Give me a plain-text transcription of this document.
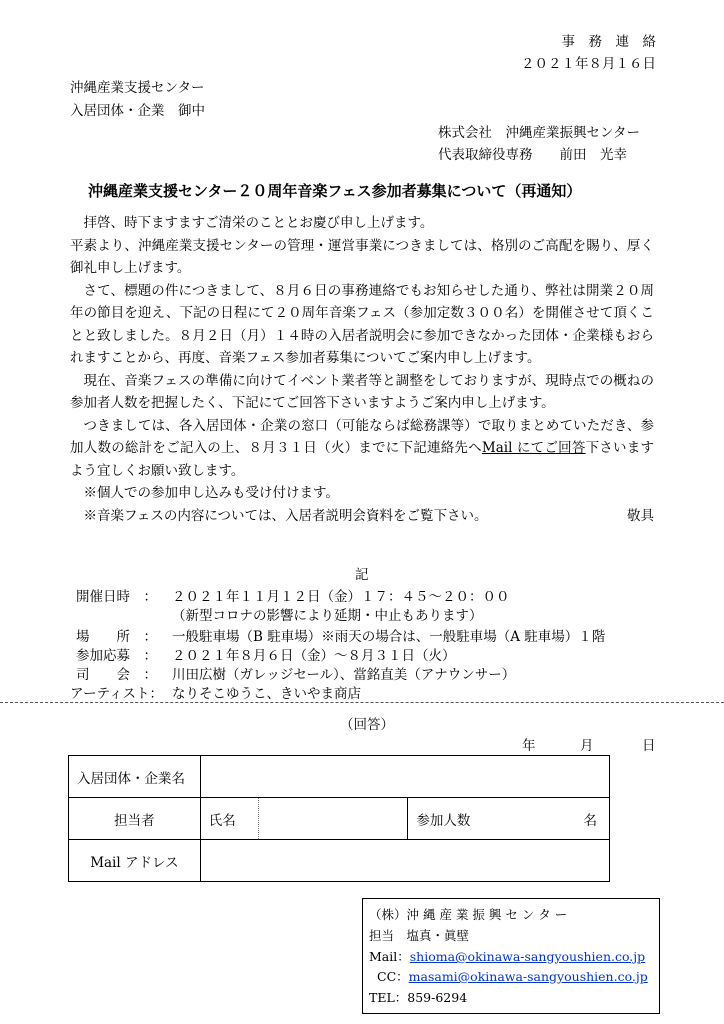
事　務　連　絡
２０２１年８月１６日
沖縄産業支援センター
入居団体・企業　御中
株式会社　沖縄産業振興センター
代表取締役専務　　前田　光幸
沖縄産業支援センター２０周年音楽フェス参加者募集について（再通知）

拝啓、時下ますますご清栄のこととお慶び申し上げます。

平素より、沖縄産業支援センターの管理・運営事業につきましては、格別のご高配を賜り、厚く御礼申し上げます。

さて、標題の件につきまして、８月６日の事務連絡でもお知らせした通り、弊社は開業２０周年の節目を迎え、下記の日程にて２０周年音楽フェス（参加定数３００名）を開催させて頂くことと致しました。８月２日（月）１４時の入居者説明会に参加できなかった団体・企業様もおられますことから、再度、音楽フェス参加者募集についてご案内申し上げます。

現在、音楽フェスの準備に向けてイベント業者等と調整をしておりますが、現時点での概ねの参加者人数を把握したく、下記にてご回答下さいますようご案内申し上げます。

つきましては、各入居団体・企業の窓口（可能ならば総務課等）で取りまとめていただき、参加人数の総計をご記入の上、８月３１日（火）までに下記連絡先へMail にてご回答下さいますよう宜しくお願い致します。

※個人での参加申し込みも受け付けます。

※音楽フェスの内容については、入居者説明会資料をご覧下さい。	敬具

記
開催日時　： ２０２１年１１月１２日（金）１７：４５～２０：００
（新型コロナの影響により延期・中止もあります）
場　　所　： 一般駐車場（B 駐車場）※雨天の場合は、一般駐車場（A 駐車場）１階
参加応募　： ２０２１年８月６日（金）～８月３１日（火）
司　　会　： 川田広樹（ガレッジセール）、當銘直美（アナウンサー）
アーティスト： なりそこゆうこ、きいやま商店
（回答）
年	月	日
入居団体・企業名			
担当者	氏名		参加人数 名

Mail アドレス			
（株）沖 縄 産 業 振 興 セ ン タ ー
担当　塩真・眞壁
Mail：shioma@okinawa-sangyoushien.co.jp
CC：masami@okinawa-sangyoushien.co.jp
TEL：859-6294
